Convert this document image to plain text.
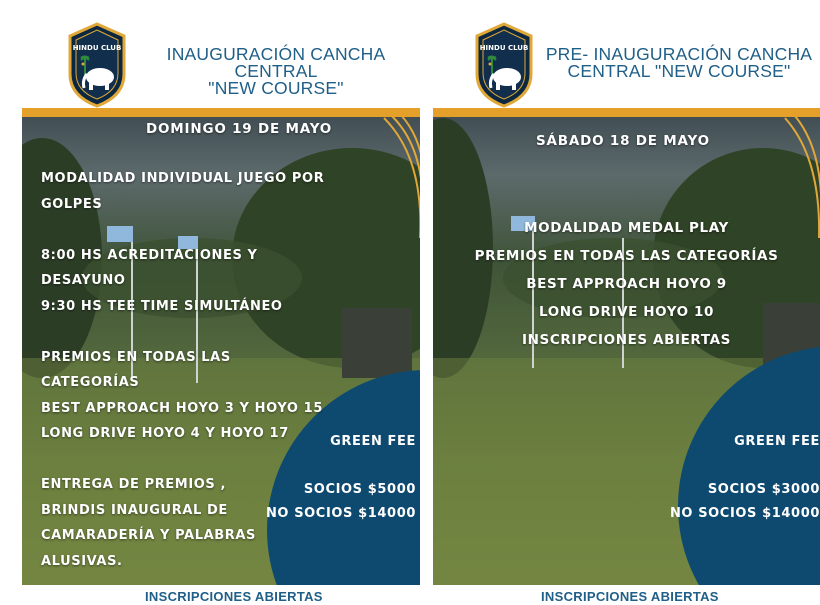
HINDU CLUB	INAUGURACIÓN CANCHA CENTRAL
"NEW COURSE"
DOMINGO 19 DE MAYO
MODALIDAD INDIVIDUAL JUEGO POR
GOLPES
8:00 HS ACREDITACIONES Y
DESAYUNO
9:30 HS TEE TIME SIMULTÁNEO
PREMIOS EN TODAS LAS
CATEGORÍAS
BEST APPROACH HOYO 3 Y HOYO 15
LONG DRIVE HOYO 4 Y HOYO 17
ENTREGA DE PREMIOS ,
BRINDIS INAUGURAL DE
CAMARADERÍA Y PALABRAS
ALUSIVAS.
GREEN FEE
SOCIOS $5000
NO SOCIOS $14000
INSCRIPCIONES ABIERTAS
HINDU CLUB	PRE- INAUGURACIÓN CANCHA
CENTRAL "NEW COURSE"
SÁBADO 18 DE MAYO
MODALIDAD MEDAL PLAY
PREMIOS EN TODAS LAS CATEGORÍAS
BEST APPROACH HOYO 9
LONG DRIVE HOYO 10
INSCRIPCIONES ABIERTAS
GREEN FEE
SOCIOS $3000
NO SOCIOS $14000
INSCRIPCIONES ABIERTAS
